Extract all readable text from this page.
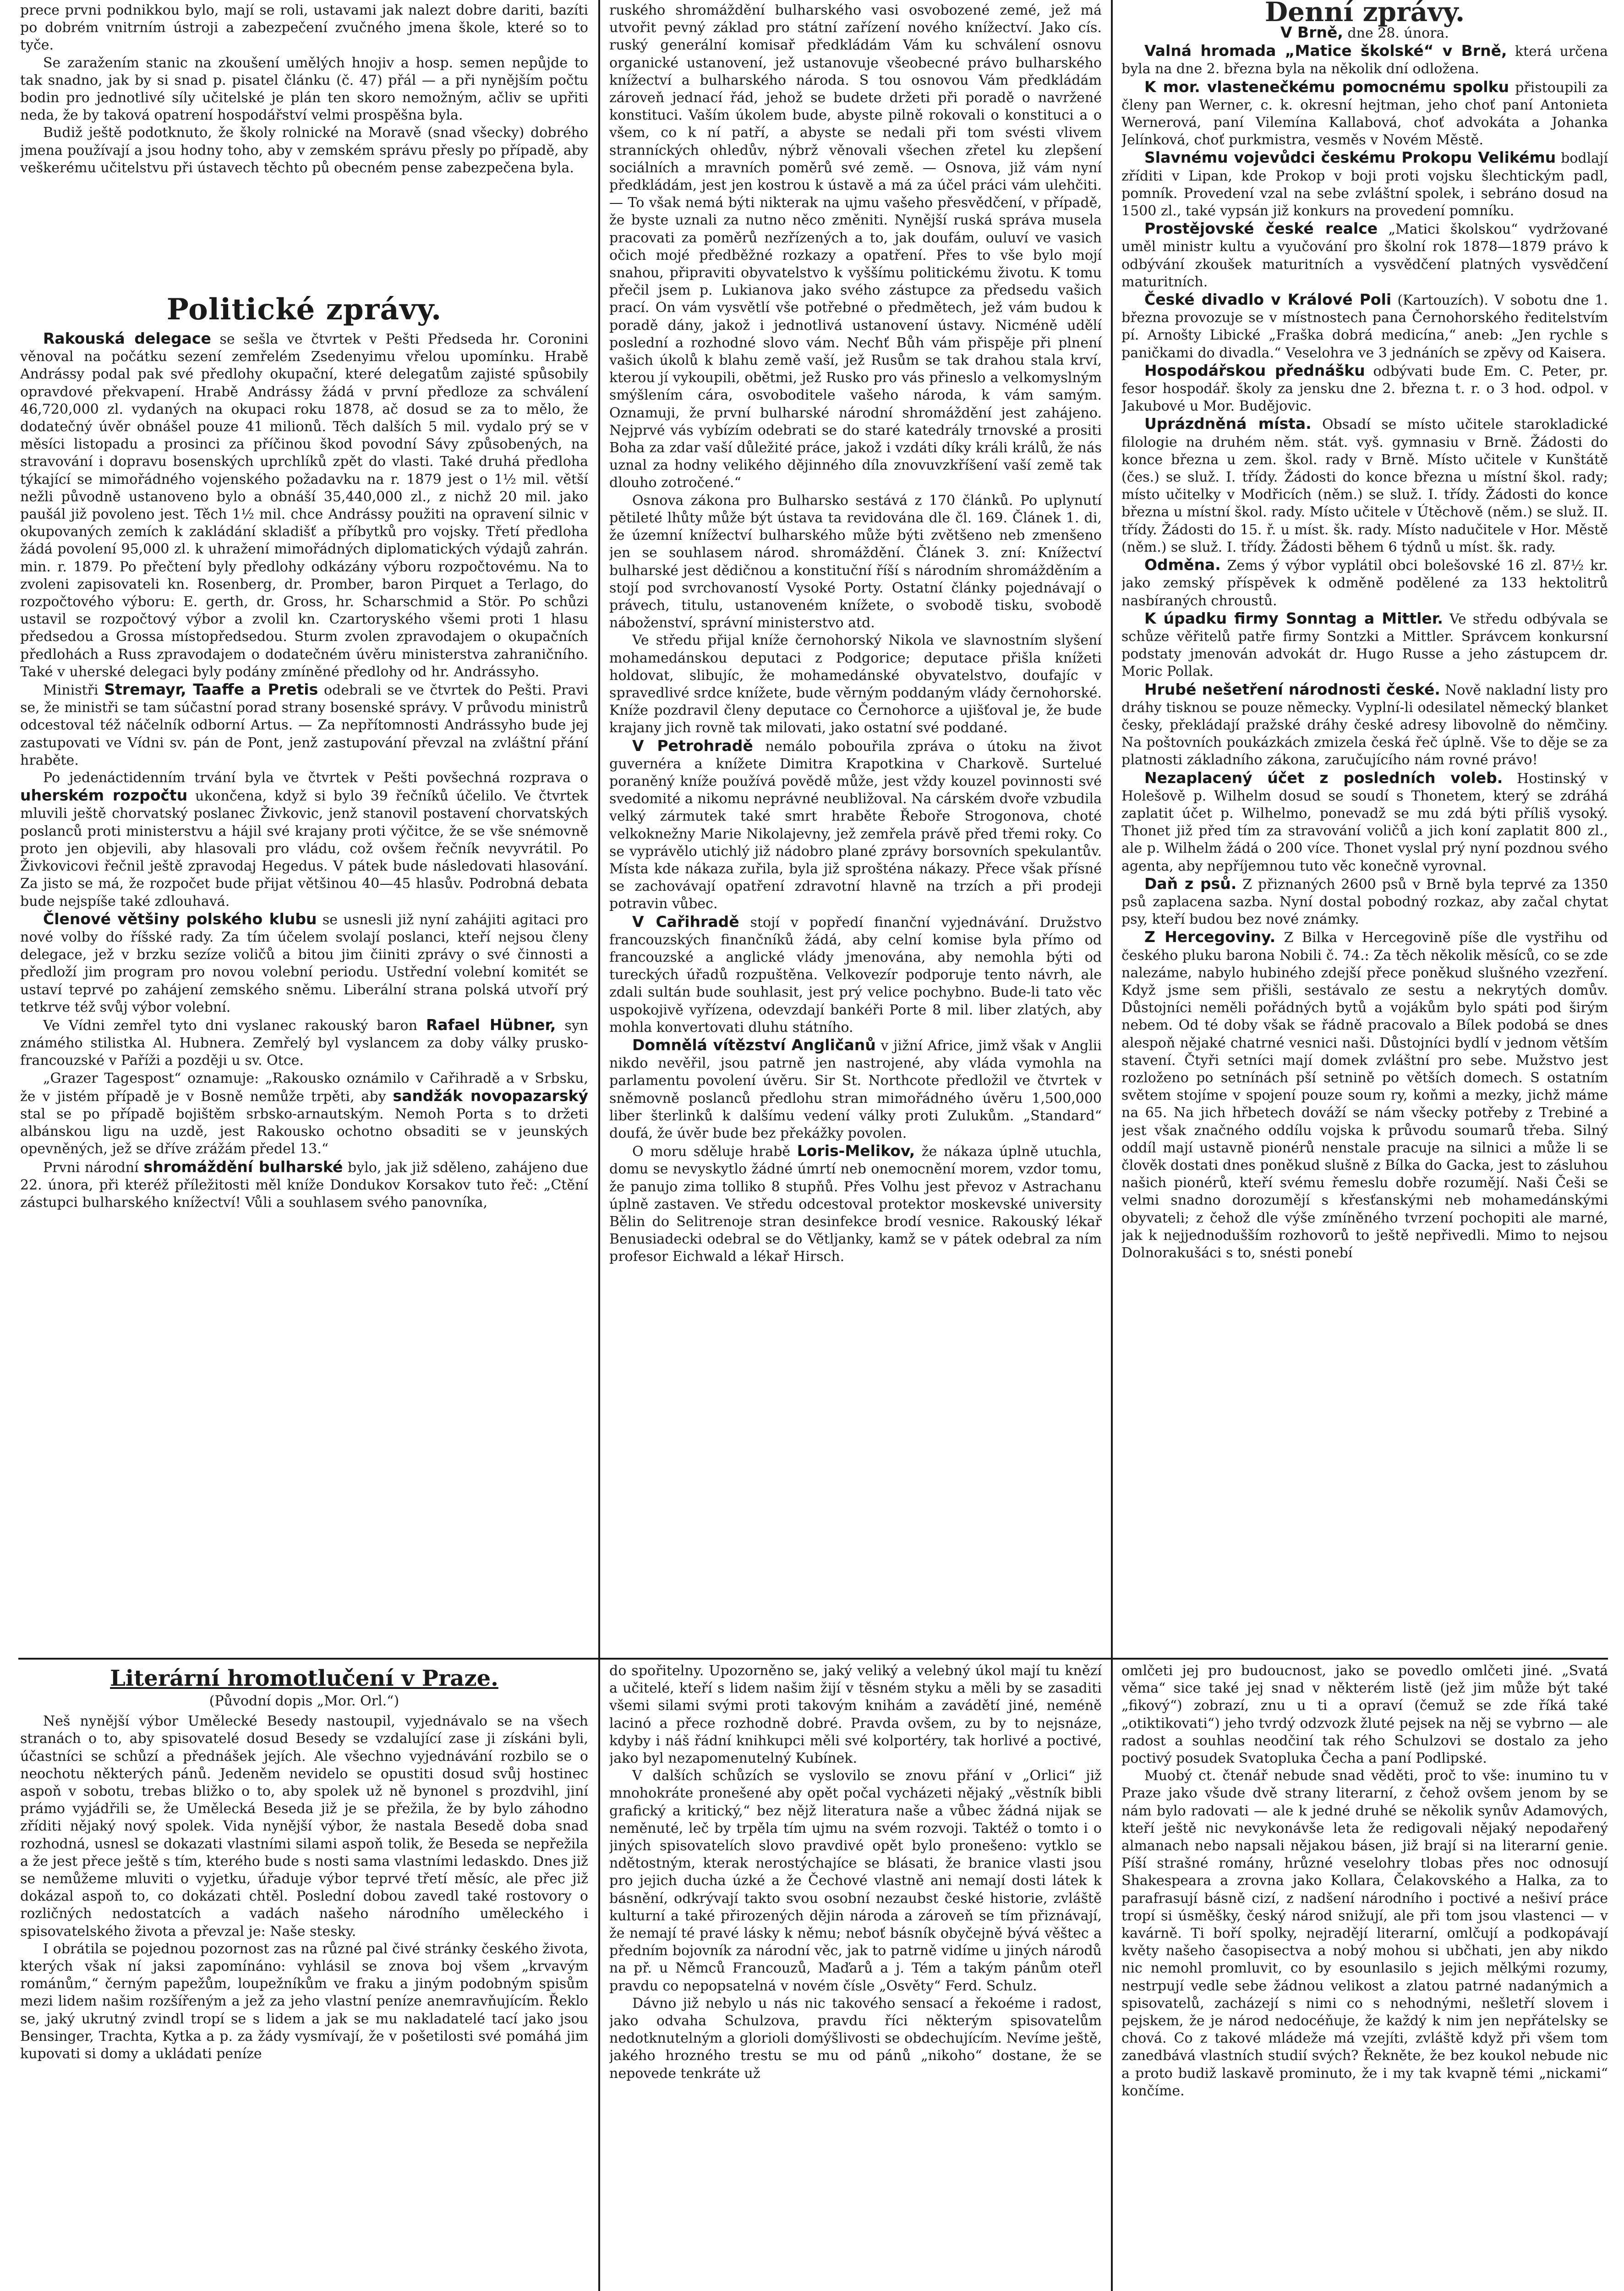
prece prvni podnikkou bylo, mají se roli, ustavami jak nalezt dobre dariti, bazíti po dobrém vnitrním ústroji a zabezpečení zvučného jmena škole, které so to tyče.

Se zaražením stanic na zkoušení umělých hnojiv a hosp. semen nepůjde to tak snadno, jak by si snad p. pisatel článku (č. 47) přál — a při nynějším počtu bodin pro jednotlivé síly učitelské je plán ten skoro nemožným, ačliv se upřiti neda, že by taková opatrení hospodářství velmi prospěšna byla.

Budiž ještě podotknuto, že školy rolnické na Moravě (snad všecky) dobrého jmena používají a jsou hodny toho, aby v zemském správu přesly po případě, aby veškerému učitelstvu při ústavech těchto pů obecném pense zabezpečena byla.

Politické zprávy.

Rakouská delegace se sešla ve čtvrtek v Pešti Předseda hr. Coronini věnoval na počátku sezení zemřelém Zsedenyimu vřelou upomínku. Hrabě Andrássy podal pak své předlohy okupační, které delegatům zajisté spůsobily opravdové překvapení. Hrabě Andrássy žádá v první předloze za schválení 46,720,000 zl. vydaných na okupaci roku 1878, ač dosud se za to mělo, že dodatečný úvěr obnášel pouze 41 milionů. Těch dalších 5 mil. vydalo prý se v měsíci listopadu a prosinci za příčinou škod povodní Sávy způsobených, na stravování i dopravu bosenských uprchlíků zpět do vlasti. Také druhá předloha týkající se mimořádného vojenského požadavku na r. 1879 jest o 1½ mil. větší nežli původně ustanoveno bylo a obnáší 35,440,000 zl., z nichž 20 mil. jako paušál již povoleno jest. Těch 1½ mil. chce Andrássy použiti na opravení silnic v okupovaných zemích k zakládání skladišť a příbytků pro vojsky. Třetí předloha žádá povolení 95,000 zl. k uhražení mimořádných diplomatických výdajů zahrán. min. r. 1879. Po přečtení byly předlohy odkázány výboru rozpočtovému. Na to zvoleni zapisovateli kn. Rosenberg, dr. Promber, baron Pirquet a Terlago, do rozpočtového výboru: E. gerth, dr. Gross, hr. Scharschmid a Stör. Po schůzi ustavil se rozpočtový výbor a zvolil kn. Czartoryského všemi proti 1 hlasu předsedou a Grossa místopředsedou. Sturm zvolen zpravodajem o okupačních předlohách a Russ zpravodajem o dodatečném úvěru ministerstva zahraničního. Také v uherské delegaci byly podány zmíněné předlohy od hr. Andrássyho.

Ministři Stremayr, Taaffe a Pretis odebrali se ve čtvrtek do Pešti. Pravi se, že ministři se tam súčastní porad strany bosenské správy. V průvodu ministrů odcestoval též náčelník odborní Artus. — Za nepřítomnosti Andrássyho bude jej zastupovati ve Vídni sv. pán de Pont, jenž zastupování převzal na zvláštní přání hraběte.

Po jedenáctidenním trvání byla ve čtvrtek v Pešti povšechná rozprava o uherském rozpočtu ukončena, když si bylo 39 řečníků účelilo. Ve čtvrtek mluvili ještě chorvatský poslanec Živkovic, jenž stanovil postavení chorvatských poslanců proti ministerstvu a hájil své krajany proti výčitce, že se vše snémovně proto jen objevili, aby hlasovali pro vládu, což ovšem řečník nevyvrátil. Po Živkovicovi řečnil ještě zpravodaj Hegedus. V pátek bude následovati hlasování. Za jisto se má, že rozpočet bude přijat většinou 40—45 hlasův. Podrobná debata bude nejspíše také zdlouhavá.

Členové většiny polského klubu se usnesli již nyní zahájiti agitaci pro nové volby do říšské rady. Za tím účelem svolají poslanci, kteří nejsou členy delegace, jež v brzku sezíze voličů a bitou jim čiiniti zprávy o své činnosti a předloží jim program pro novou volební periodu. Ustřední volební komitét se ustaví teprvé po zahájení zemského sněmu. Liberální strana polská utvoří prý tetkrve též svůj výbor volební.

Ve Vídni zemřel tyto dni vyslanec rakouský baron Rafael Hübner, syn známého stilistka Al. Hubnera. Zemřelý byl vyslancem za doby války prusko-francouzské v Paříži a později u sv. Otce.

„Grazer Tagespost“ oznamuje: „Rakousko oznámilo v Cařihradě a v Srbsku, že v jistém případě je v Bosně nemůže trpěti, aby sandžák novopazarský stal se po případě bojištěm srbsko-arnautským. Nemoh Porta s to držeti albánskou ligu na uzdě, jest Rakousko ochotno obsaditi se v jeunských opevněných, jež se dříve zrážám předel 13.“

Prvni národní shromáždění bulharské bylo, jak již sděleno, zahájeno due 22. února, při kteréž příležitosti měl kníže Dondukov Korsakov tuto řeč: „Ctění zástupci bulharského knížectví! Vůli a souhlasem svého panovníka,

ruského shromáždění bulharského vasi osvobozené zemé, jež má utvořit pevný základ pro státní zařízení nového knížectví. Jako cís. ruský generální komisař předkládám Vám ku schválení osnovu organické ustanovení, jež ustanovuje všeobecné právo bulharského knížectví a bulharského národa. S tou osnovou Vám předkládám zároveň jednací řád, jehož se budete držeti při poradě o navržené konstituci. Vaším úkolem bude, abyste pilně rokovali o konstituci a o všem, co k ní patří, a abyste se nedali při tom svésti vlivem stranníckých ohledův, nýbrž věnovali všechen zřetel ku zlepšení sociálních a mravních poměrů své země. — Osnova, již vám nyní předkládám, jest jen kostrou k ústavě a má za účel práci vám ulehčiti. — To však nemá býti nikterak na ujmu vašeho přesvědčení, v případě, že byste uznali za nutno něco změniti. Nynější ruská správa musela pracovati za poměrů nezřízených a to, jak doufám, ouluví ve vasich očich mojé předběžné rozkazy a opatření. Přes to vše bylo mojí snahou, připraviti obyvatelstvo k vyššímu politickému životu. K tomu přečil jsem p. Lukianova jako svého zástupce za předsedu vašich prací. On vám vysvětlí vše potřebné o předmětech, jež vám budou k poradě dány, jakož i jednotlivá ustanovení ústavy. Nicméně udělí poslední a rozhodné slovo vám. Nechť Bůh vám přispěje při plnení vašich úkolů k blahu země vaší, jež Rusům se tak drahou stala krví, kterou jí vykoupili, obětmi, jež Rusko pro vás přineslo a velkomyslným smýšlením cára, osvoboditele vašeho národa, k vám samým. Oznamuji, že první bulharské národní shromáždění jest zahájeno. Nejprvé vás vybízím odebrati se do staré katedrály trnovské a prositi Boha za zdar vaší důležité práce, jakož i vzdáti díky králi králů, že nás uznal za hodny velikého dějinného díla znovuvzkříšení vaší země tak dlouho zotročené.“

Osnova zákona pro Bulharsko sestává z 170 článků. Po uplynutí pětileté lhůty může být ústava ta revidována dle čl. 169. Článek 1. di, že územní knížectví bulharského může býti zvětšeno neb zmenšeno jen se souhlasem národ. shromáždění. Článek 3. zní: Knížectví bulharské jest dědičnou a konstituční říší s národním shromážděním a stojí pod svrchovaností Vysoké Porty. Ostatní články pojednávají o právech, titulu, ustanoveném knížete, o svobodě tisku, svobodě náboženství, správní ministerstvo atd.

Ve středu přijal kníže černohorský Nikola ve slavnostním slyšení mohamedánskou deputaci z Podgorice; deputace přišla knížeti holdovat, slibujíc, že mohamedánské obyvatelstvo, doufajíc v spravedlivé srdce knížete, bude věrným poddaným vlády černohorské. Kníže pozdravil členy deputace co Černohorce a ujišťoval je, že bude krajany jich rovně tak milovati, jako ostatní své poddané.

V Petrohradě nemálo pobouřila zpráva o útoku na život guvernéra a knížete Dimitra Krapotkina v Charkově. Surtelué poraněný kníže používá povědě může, jest vždy kouzel povinnosti své svedomité a nikomu neprávné neubližoval. Na cárském dvoře vzbudila velký zármutek také smrt hraběte Řeboře Strogonova, choté velkoknežny Marie Nikolajevny, jež zemřela právě před třemi roky. Co se vyprávělo utichlý již nádobro plané zprávy borsovních spekulantův. Místa kde nákaza zuřila, byla již sprošténa nákazy. Přece však přísné se zachovávají opatření zdravotní hlavně na trzích a při prodeji potravin vůbec.

V Cařihradě stojí v popředí finanční vyjednávání. Družstvo francouzských finančníků žádá, aby celní komise byla přímo od francouzské a anglické vlády jmenována, aby nemohla býti od tureckých úřadů rozpuštěna. Velkovezír podporuje tento návrh, ale zdali sultán bude souhlasit, jest prý velice pochybno. Bude-li tato věc uspokojivě vyřízena, odevzdají bankéři Porte 8 mil. liber zlatých, aby mohla konvertovati dluhu státního.

Domnělá vítězství Angličanů v jižní Africe, jimž však v Anglii nikdo nevěřil, jsou patrně jen nastrojené, aby vláda vymohla na parlamentu povolení úvěru. Sir St. Northcote předložil ve čtvrtek v sněmovně poslanců předlohu stran mimořádného úvěru 1,500,000 liber šterlinků k dalšímu vedení války proti Zulukům. „Standard“ doufá, že úvěr bude bez překážky povolen.

O moru sděluje hrabě Loris-Melikov, že nákaza úplně utuchla, domu se nevyskytlo žádné úmrtí neb onemocnění morem, vzdor tomu, že panujo zima tolliko 8 stupňů. Přes Volhu jest převoz v Astrachanu úplně zastaven. Ve středu odcestoval protektor moskevské university Bělin do Selitrenoje stran desinfekce brodí vesnice. Rakouský lékař Benusiadecki odebral se do Větljanky, kamž se v pátek odebral za ním profesor Eichwald a lékař Hirsch.

Denní zprávy.

V Brně, dne 28. února.

Valná hromada „Matice školské“ v Brně, která určena byla na dne 2. března byla na několik dní odložena.

K mor. vlastenečkému pomocnému spolku přistoupili za členy pan Werner, c. k. okresní hejtman, jeho choť paní Antonieta Wernerová, paní Vilemína Kallabová, choť advokáta a Johanka Jelínková, choť purkmistra, vesměs v Novém Městě.

Slavnému vojevůdci českému Prokopu Velikému bodlají zříditi v Lipan, kde Prokop v boji proti vojsku šlechtickým padl, pomník. Provedení vzal na sebe zvláštní spolek, i sebráno dosud na 1500 zl., také vypsán již konkurs na provedení pomníku.

Prostějovské české realce „Matici školskou“ vydržované uměl ministr kultu a vyučování pro školní rok 1878—1879 právo k odbývání zkoušek maturitních a vysvědčení platných vysvědčení maturitních.

České divadlo v Králové Poli (Kartouzích). V sobotu dne 1. března provozuje se v místnostech pana Černohorského ředitelstvím pí. Arnošty Libické „Fraška dobrá medicína,“ aneb: „Jen rychle s paničkami do divadla.“ Veselohra ve 3 jednáních se zpěvy od Kaisera.

Hospodářskou přednášku odbývati bude Em. C. Peter, pr. fesor hospodář. školy za jensku dne 2. března t. r. o 3 hod. odpol. v Jakubové u Mor. Budějovic.

Uprázdněná místa. Obsadí se místo učitele starokladické filologie na druhém něm. stát. vyš. gymnasiu v Brně. Žádosti do konce března u zem. škol. rady v Brně. Místo učitele v Kunštátě (čes.) se služ. I. třídy. Žádosti do konce března u místní škol. rady; místo učitelky v Modřicích (něm.) se služ. I. třídy. Žádosti do konce března u místní škol. rady. Místo učitele v Útěchově (něm.) se služ. II. třídy. Žádosti do 15. ř. u míst. šk. rady. Místo nadučitele v Hor. Městě (něm.) se služ. I. třídy. Žádosti během 6 týdnů u míst. šk. rady.

Odměna. Zems ý výbor vyplátil obci bolešovské 16 zl. 87½ kr. jako zemský příspěvek k odměně podělené za 133 hektolitrů nasbíraných chroustů.

K úpadku firmy Sonntag a Mittler. Ve středu odbývala se schůze věřitelů patře firmy Sontzki a Mittler. Správcem konkursní podstaty jmenován advokát dr. Hugo Russe a jeho zástupcem dr. Moric Pollak.

Hrubé nešetření národnosti české. Nově nakladní listy pro dráhy tisknou se pouze německy. Vyplní-li odesilatel německý blanket česky, překládají pražské dráhy české adresy libovolně do němčiny. Na poštovních poukázkách zmizela česká řeč úplně. Vše to děje se za platnosti základního zákona, zaručujícího nám rovné právo!

Nezaplacený účet z posledních voleb. Hostinský v Holešově p. Wilhelm dosud se soudí s Thonetem, který se zdráhá zaplatit účet p. Wilhelmo, ponevadž se mu zdá býti příliš vysoký. Thonet již před tím za stravování voličů a jich koní zaplatit 800 zl., ale p. Wilhelm žádá o 200 více. Thonet vyslal prý nyní pozdnou svého agenta, aby nepříjemnou tuto věc konečně vyrovnal.

Daň z psů. Z přiznaných 2600 psů v Brně byla teprvé za 1350 psů zaplacena sazba. Nyní dostal pobodný rozkaz, aby začal chytat psy, kteří budou bez nové známky.

Z Hercegoviny. Z Bilka v Hercegovině píše dle vystřihu od českého pluku barona Nobili č. 74.: Za těch několik měsíců, co se zde nalezáme, nabylo hubiného zdejší přece poněkud slušného vzezření. Když jsme sem přišli, sestávalo ze sestu a nekrytých domův. Důstojníci neměli pořádných bytů a vojákům bylo spáti pod širým nebem. Od té doby však se řádně pracovalo a Bílek podobá se dnes alespoň nějaké chatrné vesnici naši. Důstojníci bydlí v jednom větším stavení. Čtyři setníci mají domek zvláštní pro sebe. Mužstvo jest rozloženo po setnínách pší setnině po větších domech. S ostatním světem stojíme v spojení pouze soum ry, koňmi a mezky, jichž máme na 65. Na jich hřbetech dováží se nám všecky potřeby z Trebiné a jest však značného oddílu vojska k průvodu soumarů třeba. Silný oddíl mají ustavně pionérů nenstale pracuje na silnici a může li se člověk dostati dnes poněkud slušně z Bílka do Gacka, jest to zásluhou našich pionérů, kteří svému řemeslu dobře rozumějí. Naši Češi se velmi snadno dorozumějí s křesťanskými neb mohamedánskými obyvateli; z čehož dle výše zmíněného tvrzení pochopiti ale marné, jak k nejjednodušším rozhovorů to ještě nepřivedli. Mimo to nejsou Dolnorakušáci s to, snésti ponebí

Literární hromotlučení v Praze.
(Původní dopis „Mor. Orl.“)

Neš nynější výbor Umělecké Besedy nastoupil, vyjednávalo se na všech stranách o to, aby spisovatelé dosud Besedy se vzdalující zase ji získáni byli, účastníci se schůzí a přednášek jejích. Ale všechno vyjednávání rozbilo se o neochotu některých pánů. Jedeněm nevidelo se opustiti dosud svůj hostinec aspoň v sobotu, trebas bližko o to, aby spolek už ně bynonel s prozdvihl, jiní prámo vyjádřili se, že Umělecká Beseda již je se přežila, že by bylo záhodno zříditi nějaký nový spolek. Vida nynější výbor, že nastala Besedě doba snad rozhodná, usnesl se dokazati vlastními silami aspoň tolik, že Beseda se nepřežila a že jest přece ještě s tím, kterého bude s nosti sama vlastními ledaskdo. Dnes již se nemůžeme mluviti o vyjetku, úřaduje výbor teprvé třetí měsíc, ale přec již dokázal aspoň to, co dokázati chtěl. Poslední dobou zavedl také rostovory o rozličných nedostatcích a vadách našeho národního uměleckého i spisovatelského života a převzal je: Naše stesky.

I obrátila se pojednou pozornost zas na různé pal čivé stránky českého života, kterých však ní jaksi zapomínáno: vyhlásil se znova boj všem „krvavým románům,“ černým papežům, loupežníkům ve fraku a jiným podobným spisům mezi lidem našim rozšířeným a jež za jeho vlastní peníze anemravňujícím. Řeklo se, jaký ukrutný zvindl tropí se s lidem a jak se mu nakladatelé tací jako jsou Bensinger, Trachta, Kytka a p. za žády vysmívají, že v pošetilosti své pomáhá jim kupovati si domy a ukládati peníze

do spořitelny. Upozorněno se, jaký veliký a velebný úkol mají tu knězí a učitelé, kteří s lidem našim žijí v těsném styku a měli by se zasaditi všemi silami svými proti takovým knihám a zavádětí jiné, neméně lacinó a přece rozhodně dobré. Pravda ovšem, zu by to nejsnáze, kdyby i náš řádní knihkupci měli své kolportéry, tak horlivé a poctivé, jako byl nezapomenutelný Kubínek.

V dalších schůzích se vyslovilo se znovu přání v „Orlici“ již mnohokráte pronešené aby opět počal vycházeti nějaký „věstník bibli grafický a kritický,“ bez nějž literatura naše a vůbec žádná nijak se neměnuté, leč by trpěla tím ujmu na svém rozvoji. Taktéž o tomto i o jiných spisovatelích slovo pravdivé opět bylo pronešeno: vytklo se ndětostným, kterak nerostýchajíce se blásati, že branice vlasti jsou pro jejich ducha úzké a že Čechové vlastně ani nemají dosti látek k básnění, odkrývají takto svou osobní nezaubst české historie, zvláště kulturní a také přirozených dějin národa a zároveň se tím přiznávají, že nemají té pravé lásky k němu; neboť básník obyčejně bývá věštec a předním bojovník za národní věc, jak to patrně vidíme u jiných národů na př. u Němců Francouzů, Maďarů a j. Tém a takým pánům oteřl pravdu co nepopsatelná v novém čísle „Osvěty“ Ferd. Schulz.

Dávno již nebylo u nás nic takového sensací a řekoéme i radost, jako odvaha Schulzova, pravdu říci některým spisovatelům nedotknutelným a glorioli domýšlivosti se obdechujícím. Nevíme ještě, jakého hrozného trestu se mu od pánů „nikoho“ dostane, že se nepovede tenkráte už

omlčeti jej pro budoucnost, jako se povedlo omlčeti jiné. „Svatá věma“ sice také jej snad v některém listě (jež jim může být také „fikový“) zobrazí, znu u ti a opraví (čemuž se zde říká také „otiktikovati“) jeho tvrdý odzvozk žluté pejsek na něj se vybrno — ale radost a souhlas neodčiní tak rého Schulzovi se dostalo za jeho poctivý posudek Svatopluka Čecha a paní Podlipské.

Muobý ct. čtenář nebude snad věděti, proč to vše: inumino tu v Praze jako všude dvě strany literarní, z čehož ovšem jenom by se nám bylo radovati — ale k jedné druhé se několik synův Adamových, kteří ještě nic nevykonávše leta že redigovali nějaký nepodařený almanach nebo napsali nějakou básen, již brají si na literarní genie. Píší strašné romány, hrůzné veselohry tlobas přes noc odnosují Shakespeara a zrovna jako Kollara, Čelakovského a Halka, za to parafrasují básně cizí, z nadšení národního i poctivé a nešiví práce tropí si úsměšky, český národ snižují, ale při tom jsou vlastenci — v kavárně. Ti boří spolky, nejradějí literarní, omlčují a podkopávají květy našeho časopisectva a nobý mohou si ubčhati, jen aby nikdo nic nemohl promluvit, co by esounlasilo s jejich mělkými rozumy, nestrpují vedle sebe žádnou velikost a zlatou patrné nadanýmich a spisovatelů, zacházejí s nimi co s nehodnými, nešletří slovem i pejskem, že je národ nedocéňuje, že každý k nim jen nepřátelsky se chová. Co z takové mládeže má vzejíti, zvláště když při všem tom zanedbává vlastních studií svých? Řekněte, že bez koukol nebude nic a proto budiž laskavě prominuto, že i my tak kvapně témi „nickami“ končíme.
